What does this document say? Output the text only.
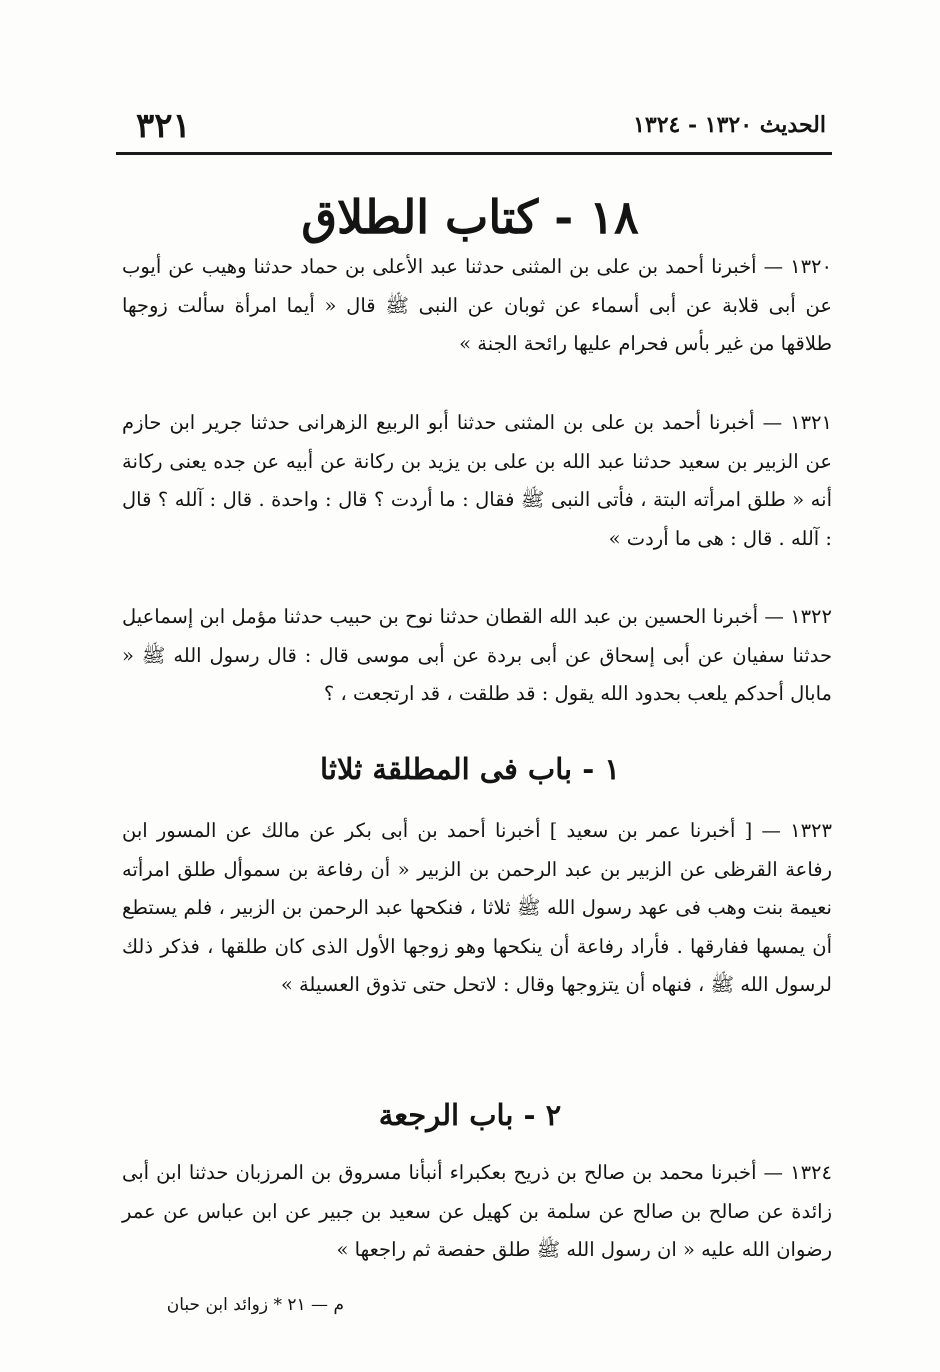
٣٢١	الحديث ١٣٢٠ - ١٣٢٤
١٨ - كتاب الطلاق

١٣٢٠ — أخبرنا أحمد بن على بن المثنى حدثنا عبد الأعلى بن حماد حدثنا وهيب عن أيوب عن أبى قلابة عن أبى أسماء عن ثوبان عن النبى ﷺ قال « أيما امرأة سألت زوجها طلاقها من غير بأس فحرام عليها رائحة الجنة »

١٣٢١ — أخبرنا أحمد بن على بن المثنى حدثنا أبو الربيع الزهرانى حدثنا جرير ابن حازم عن الزبير بن سعيد حدثنا عبد الله بن على بن يزيد بن ركانة عن أبيه عن جده يعنى ركانة أنه « طلق امرأته البتة ، فأتى النبى ﷺ فقال : ما أردت ؟ قال : واحدة . قال : آلله ؟ قال : آلله . قال : هى ما أردت »

١٣٢٢ — أخبرنا الحسين بن عبد الله القطان حدثنا نوح بن حبيب حدثنا مؤمل ابن إسماعيل حدثنا سفيان عن أبى إسحاق عن أبى بردة عن أبى موسى قال : قال رسول الله ﷺ « مابال أحدكم يلعب بحدود الله يقول : قد طلقت ، قد ارتجعت ، ؟

١ - باب فى المطلقة ثلاثا

١٣٢٣ — [ أخبرنا عمر بن سعيد ] أخبرنا أحمد بن أبى بكر عن مالك عن المسور ابن رفاعة القرظى عن الزبير بن عبد الرحمن بن الزبير « أن رفاعة بن سموأل طلق امرأته نعيمة بنت وهب فى عهد رسول الله ﷺ ثلاثا ، فنكحها عبد الرحمن بن الزبير ، فلم يستطع أن يمسها ففارقها . فأراد رفاعة أن ينكحها وهو زوجها الأول الذى كان طلقها ، فذكر ذلك لرسول الله ﷺ ، فنهاه أن يتزوجها وقال : لاتحل حتى تذوق العسيلة »

٢ - باب الرجعة

١٣٢٤ — أخبرنا محمد بن صالح بن ذريح بعكبراء أنبأنا مسروق بن المرزبان حدثنا ابن أبى زائدة عن صالح بن صالح عن سلمة بن كهيل عن سعيد بن جبير عن ابن عباس عن عمر رضوان الله عليه « ان رسول الله ﷺ طلق حفصة ثم راجعها »

م — ٢١ * زوائد ابن حبان
